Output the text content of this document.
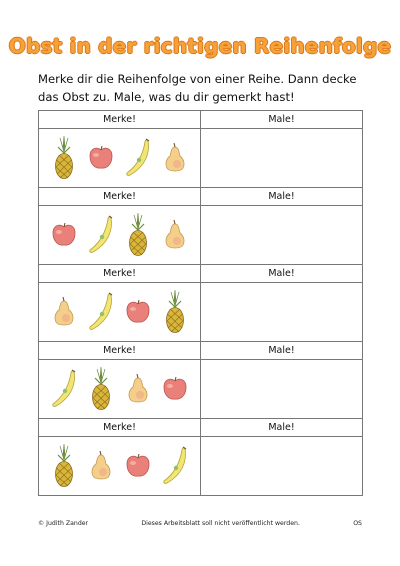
Obst in der richtigen Reihenfolge
Merke dir die Reihenfolge von einer Reihe. Dann decke
das Obst zu. Male, was du dir gemerkt hast!
Merke!	Male!

Merke!	Male!

Merke!	Male!

Merke!	Male!

Merke!	Male!

© Judith Zander	Dieses Arbeitsblatt soll nicht veröffentlicht werden.	OS
